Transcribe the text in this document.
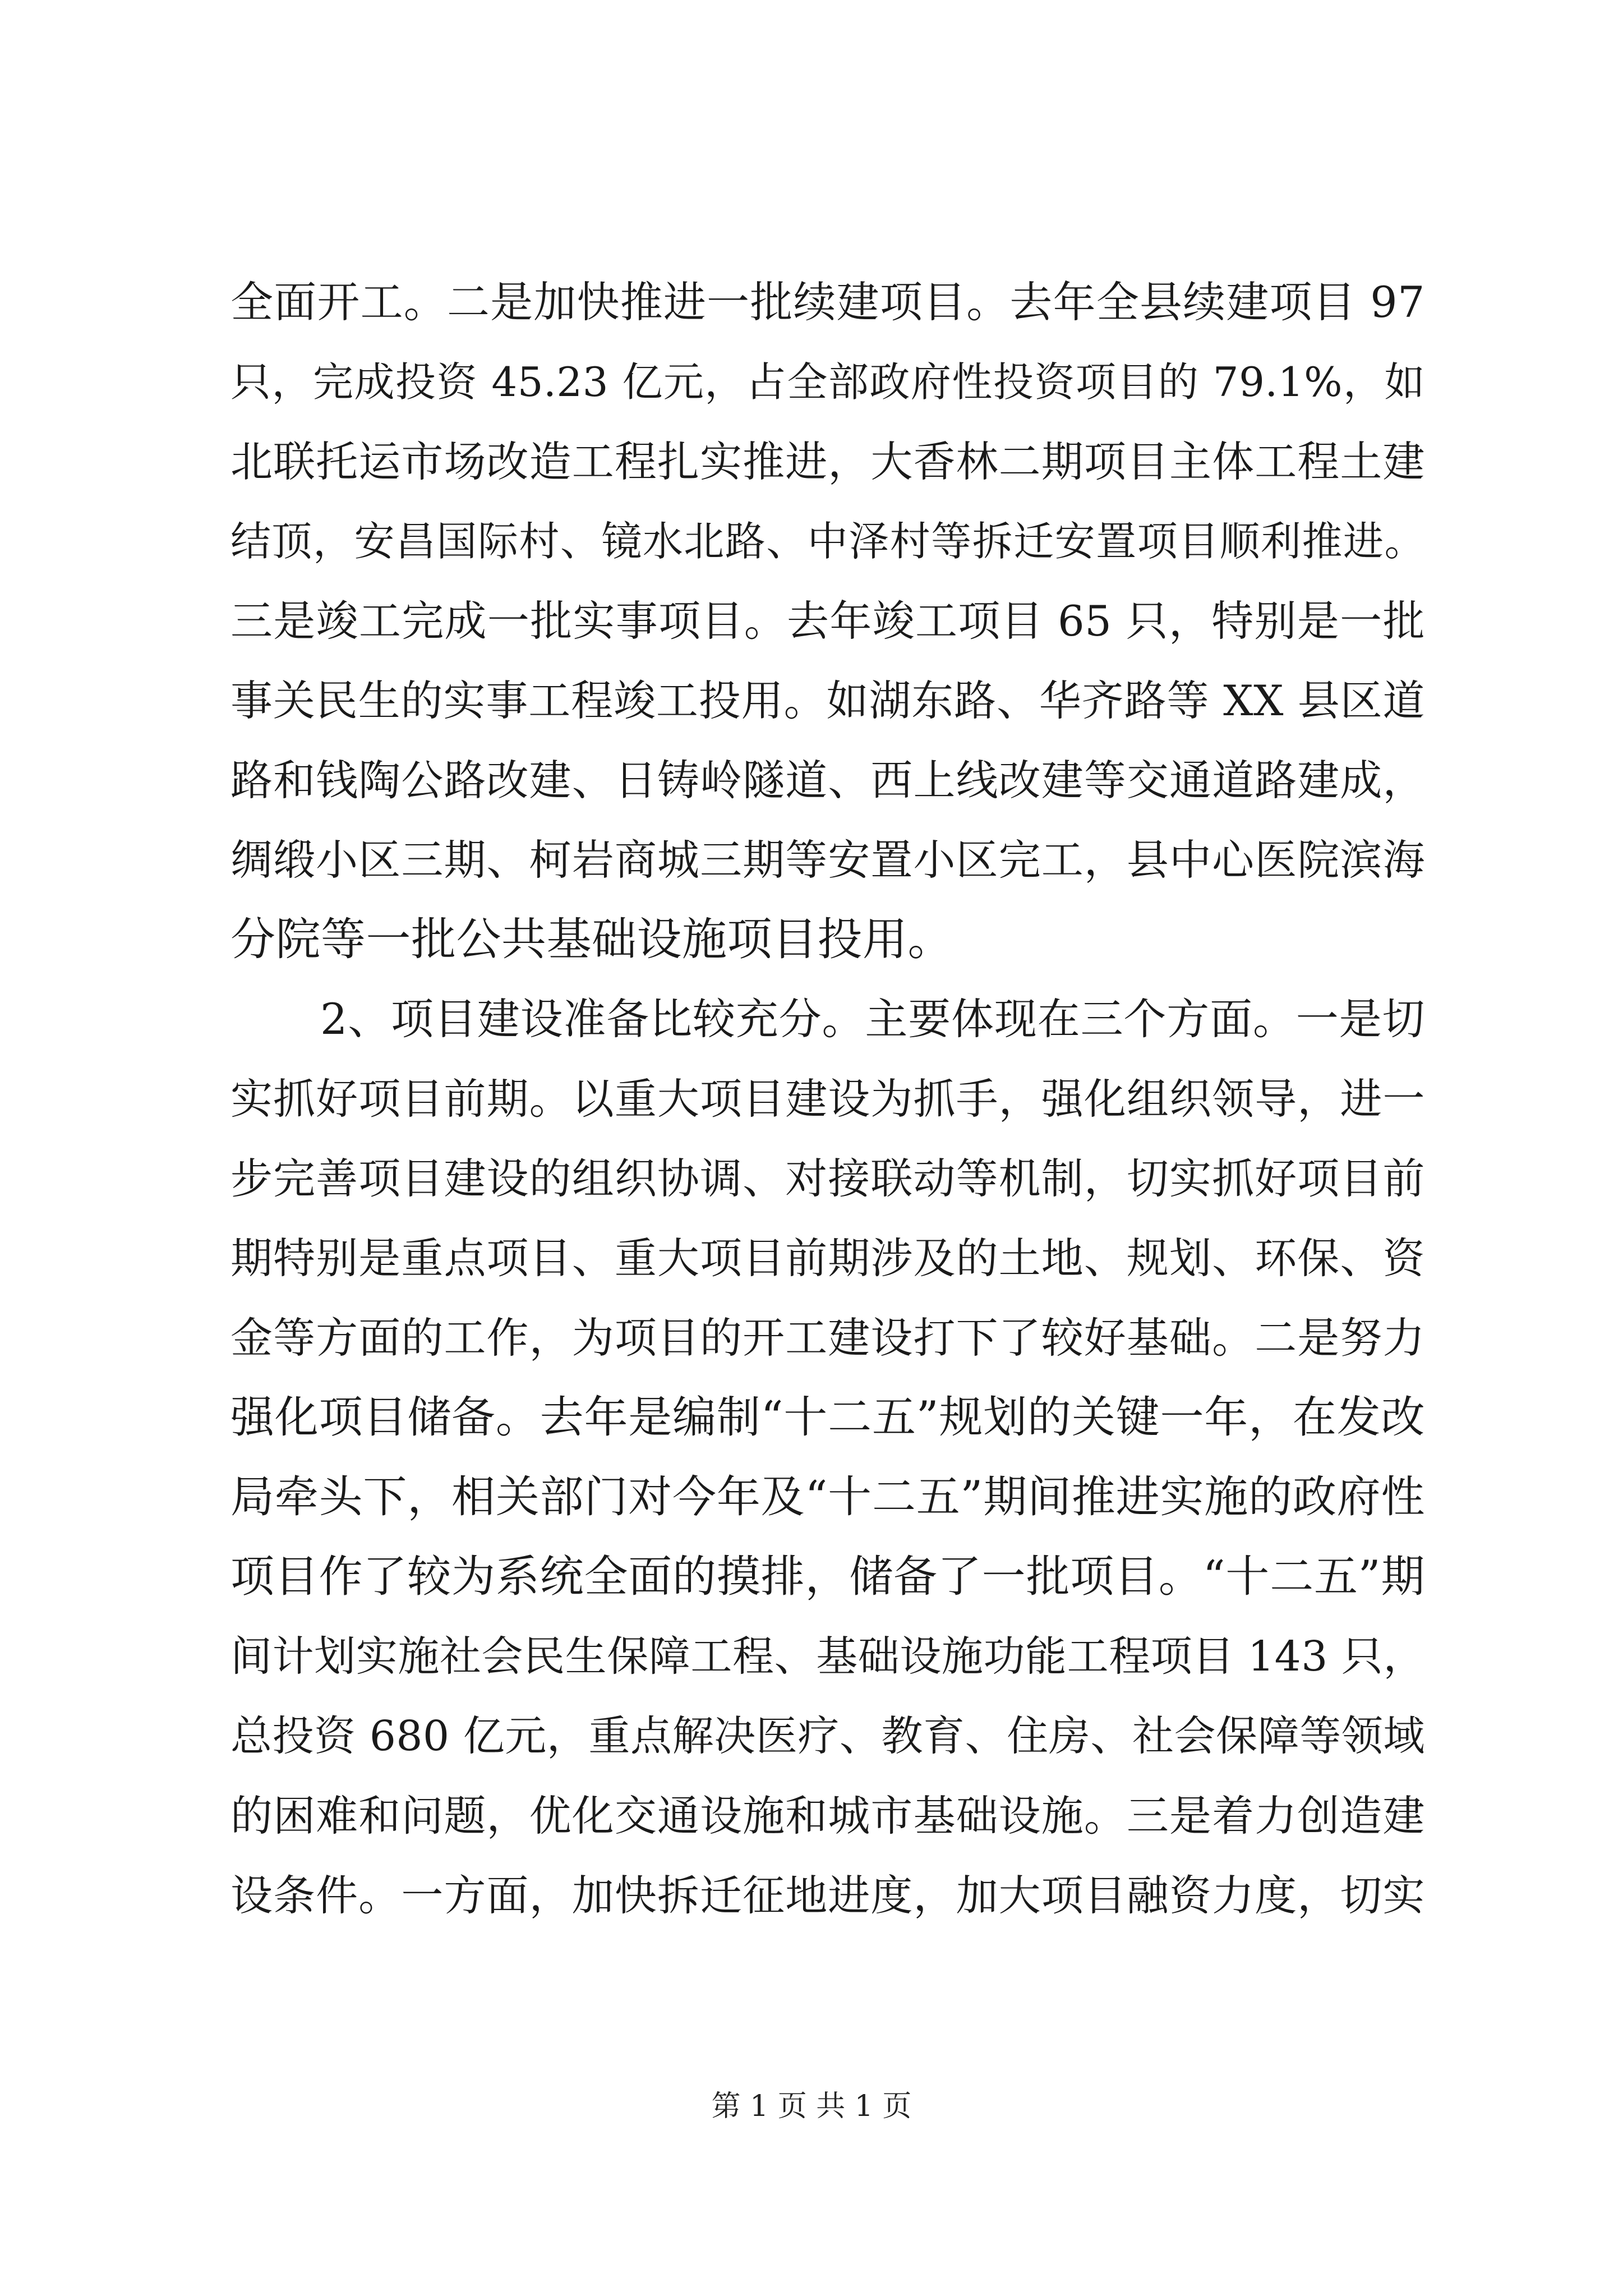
全面开工。二是加快推进一批续建项目。去年全县续建项目 97
只，完成投资 45.23 亿元，占全部政府性投资项目的 79.1%，如
北联托运市场改造工程扎实推进，大香林二期项目主体工程土建
结顶，安昌国际村、镜水北路、中泽村等拆迁安置项目顺利推进。
三是竣工完成一批实事项目。去年竣工项目 65 只，特别是一批
事关民生的实事工程竣工投用。如湖东路、华齐路等 XX 县区道
路和钱陶公路改建、日铸岭隧道、西上线改建等交通道路建成，
绸缎小区三期、柯岩商城三期等安置小区完工，县中心医院滨海
分院等一批公共基础设施项目投用。
2、项目建设准备比较充分。主要体现在三个方面。一是切
实抓好项目前期。以重大项目建设为抓手，强化组织领导，进一
步完善项目建设的组织协调、对接联动等机制，切实抓好项目前
期特别是重点项目、重大项目前期涉及的土地、规划、环保、资
金等方面的工作，为项目的开工建设打下了较好基础。二是努力
强化项目储备。去年是编制“十二五”规划的关键一年，在发改
局牵头下，相关部门对今年及“十二五”期间推进实施的政府性
项目作了较为系统全面的摸排，储备了一批项目。“十二五”期
间计划实施社会民生保障工程、基础设施功能工程项目 143 只，
总投资 680 亿元，重点解决医疗、教育、住房、社会保障等领域
的困难和问题，优化交通设施和城市基础设施。三是着力创造建
设条件。一方面，加快拆迁征地进度，加大项目融资力度，切实
第 1 页 共 1 页
